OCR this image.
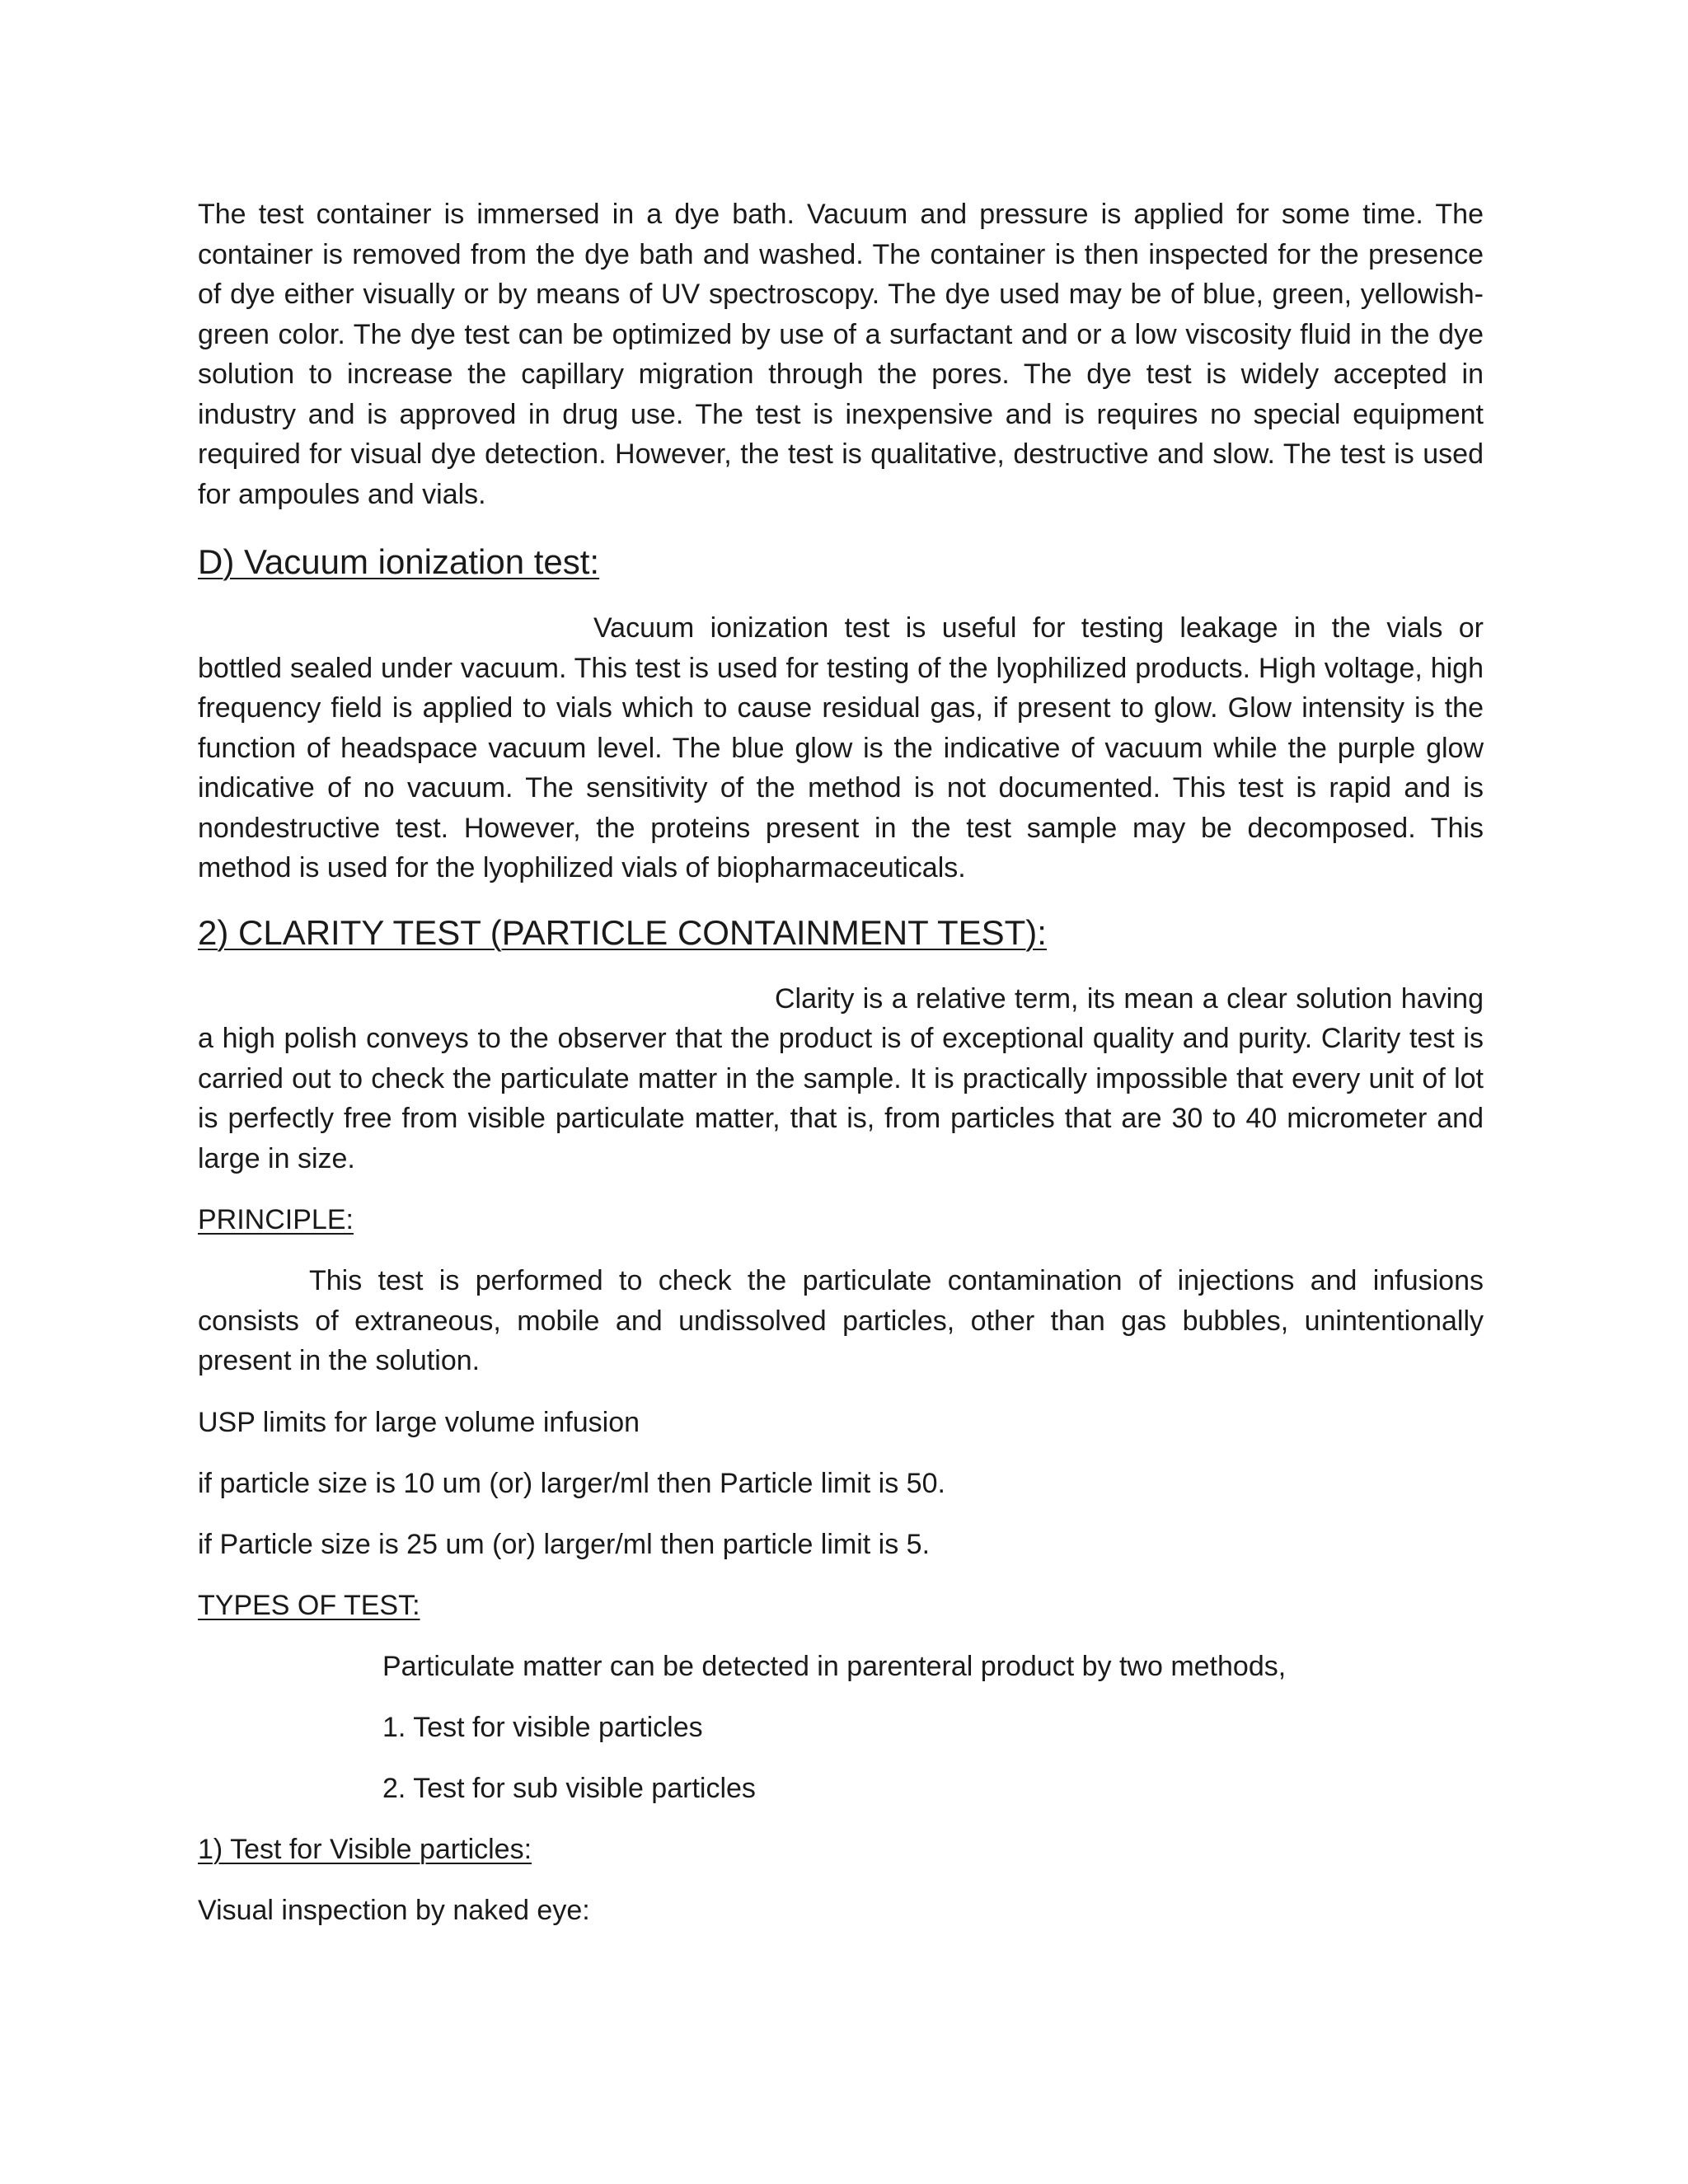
The test container is immersed in a dye bath. Vacuum and pressure is applied for some time. The container is removed from the dye bath and washed. The container is then inspected for the presence of dye either visually or by means of UV spectroscopy. The dye used may be of blue, green, yellowish-green color. The dye test can be optimized by use of a surfactant and or a low viscosity fluid in the dye solution to increase the capillary migration through the pores. The dye test is widely accepted in industry and is approved in drug use. The test is inexpensive and is requires no special equipment required for visual dye detection. However, the test is qualitative, destructive and slow. The test is used for ampoules and vials.

D) Vacuum ionization test:

Vacuum ionization test is useful for testing leakage in the vials or bottled sealed under vacuum. This test is used for testing of the lyophilized products. High voltage, high frequency field is applied to vials which to cause residual gas, if present to glow. Glow intensity is the function of headspace vacuum level. The blue glow is the indicative of vacuum while the purple glow indicative of no vacuum. The sensitivity of the method is not documented. This test is rapid and is nondestructive test. However, the proteins present in the test sample may be decomposed. This method is used for the lyophilized vials of biopharmaceuticals.

2) CLARITY TEST (PARTICLE CONTAINMENT TEST):

Clarity is a relative term, its mean a clear solution having a high polish conveys to the observer that the product is of exceptional quality and purity. Clarity test is carried out to check the particulate matter in the sample. It is practically impossible that every unit of lot is perfectly free from visible particulate matter, that is, from particles that are 30 to 40 micrometer and large in size.

PRINCIPLE:

This test is performed to check the particulate contamination of injections and infusions consists of extraneous, mobile and undissolved particles, other than gas bubbles, unintentionally present in the solution.

USP limits for large volume infusion

if particle size is 10 um (or) larger/ml then Particle limit is 50.

if Particle size is 25 um (or) larger/ml then particle limit is 5.

TYPES OF TEST:

Particulate matter can be detected in parenteral product by two methods,

1. Test for visible particles

2. Test for sub visible particles

1) Test for Visible particles:

Visual inspection by naked eye:
